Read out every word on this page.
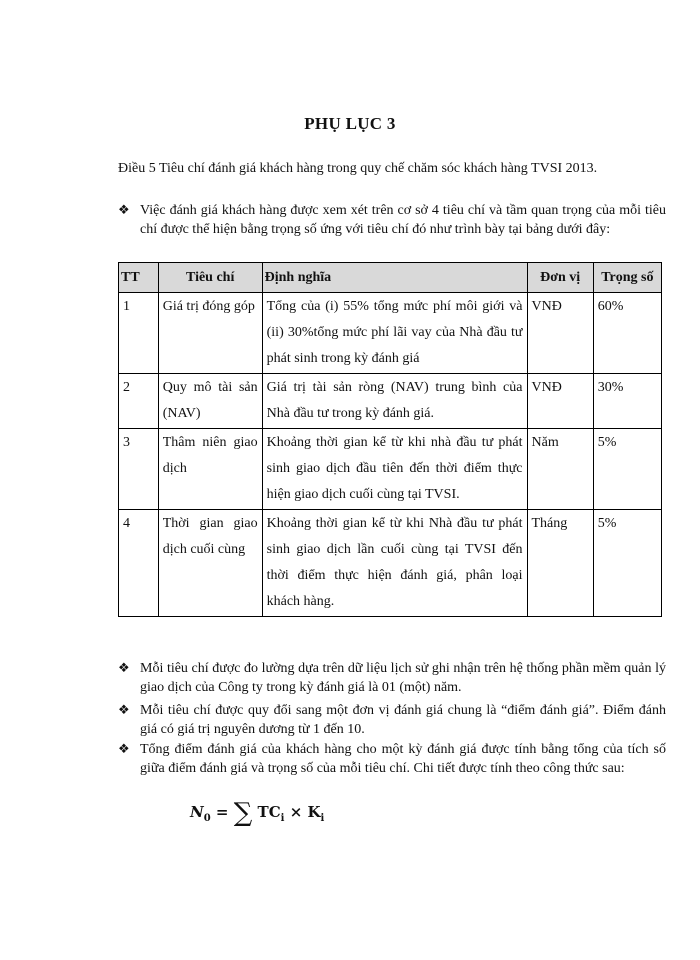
PHỤ LỤC 3
Điều 5 Tiêu chí đánh giá khách hàng trong quy chế chăm sóc khách hàng TVSI 2013.
❖ Việc đánh giá khách hàng được xem xét trên cơ sở 4 tiêu chí và tầm quan trọng của mỗi tiêu chí được thể hiện bằng trọng số ứng với tiêu chí đó như trình bày tại bảng dưới đây:
TT	Tiêu chí	Định nghĩa	Đơn vị	Trọng số
1	Giá trị đóng góp	Tổng của (i) 55% tổng mức phí môi giới và (ii) 30%tổng mức phí lãi vay của Nhà đầu tư phát sinh trong kỳ đánh giá	VNĐ	60%
2	Quy mô tài sản (NAV)	Giá trị tài sản ròng (NAV) trung bình của Nhà đầu tư trong kỳ đánh giá.	VNĐ	30%
3	Thâm niên giao dịch	Khoảng thời gian kể từ khi nhà đầu tư phát sinh giao dịch đầu tiên đến thời điểm thực hiện giao dịch cuối cùng tại TVSI.	Năm	5%
4	Thời gian giao dịch cuối cùng	Khoảng thời gian kể từ khi Nhà đầu tư phát sinh giao dịch lần cuối cùng tại TVSI đến thời điểm thực hiện đánh giá, phân loại khách hàng.	Tháng	5%
❖ Mỗi tiêu chí được đo lường dựa trên dữ liệu lịch sử ghi nhận trên hệ thống phần mềm quản lý giao dịch của Công ty trong kỳ đánh giá là 01 (một) năm.
❖ Mỗi tiêu chí được quy đổi sang một đơn vị đánh giá chung là “điểm đánh giá”. Điểm đánh giá có giá trị nguyên dương từ 1 đến 10.
❖ Tổng điểm đánh giá của khách hàng cho một kỳ đánh giá được tính bằng tổng của tích số giữa điểm đánh giá và trọng số của mỗi tiêu chí. Chi tiết được tính theo công thức sau:
$N_0$ = ∑ $TC_i \times K_i$
